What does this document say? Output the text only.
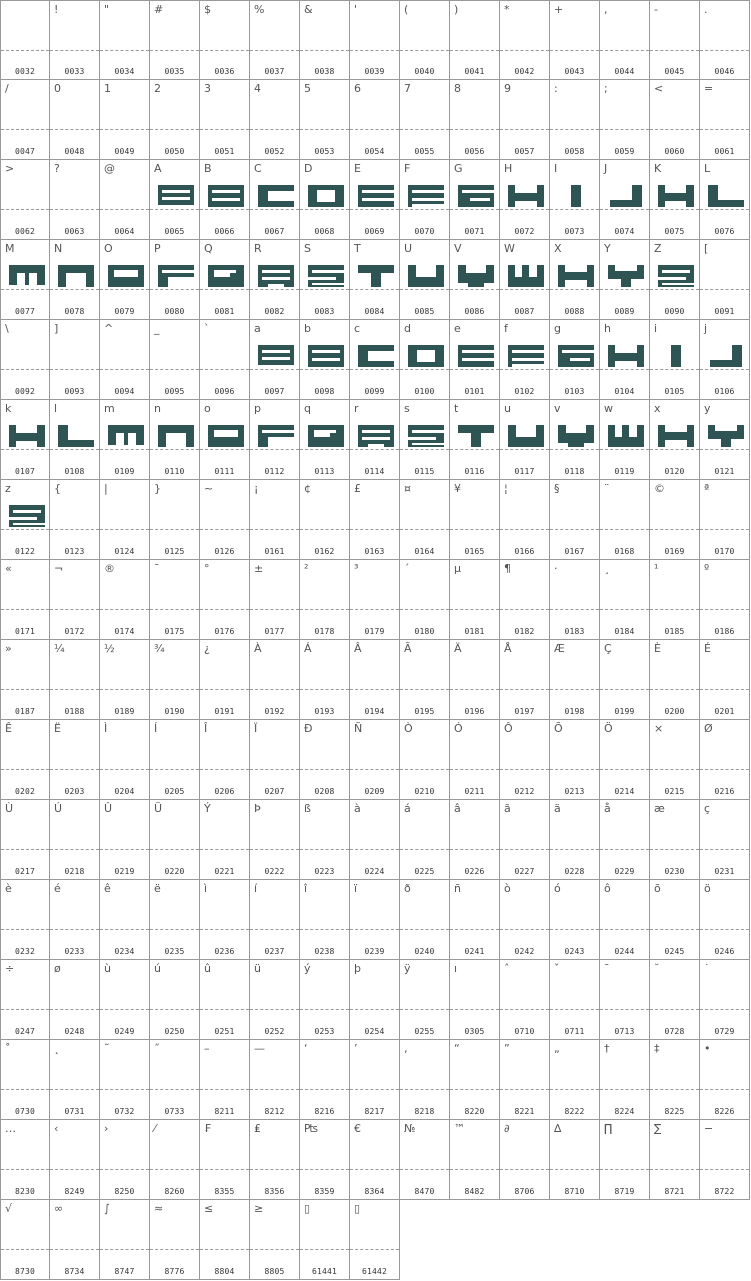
0032
!
0033
"
0034
#
0035
$
0036
%
0037
&
0038
'
0039
(
0040
)
0041
*
0042
+
0043
,
0044
-
0045
.
0046
/
0047
0
0048
1
0049
2
0050
3
0051
4
0052
5
0053
6
0054
7
0055
8
0056
9
0057
:
0058
;
0059
<
0060
=
0061
>
0062
?
0063
@
0064
A
0065
B
0066
C
0067
D
0068
E
0069
F
0070
G
0071
H
0072
I
0073
J
0074
K
0075
L
0076
M
0077
N
0078
O
0079
P
0080
Q
0081
R
0082
S
0083
T
0084
U
0085
V
0086
W
0087
X
0088
Y
0089
Z
0090
[
0091
\
0092
]
0093
^
0094
_
0095
`
0096
a
0097
b
0098
c
0099
d
0100
e
0101
f
0102
g
0103
h
0104
i
0105
j
0106
k
0107
l
0108
m
0109
n
0110
o
0111
p
0112
q
0113
r
0114
s
0115
t
0116
u
0117
v
0118
w
0119
x
0120
y
0121
z
0122
{
0123
|
0124
}
0125
~
0126
¡
0161
¢
0162
£
0163
¤
0164
¥
0165
¦
0166
§
0167
¨
0168
©
0169
ª
0170
«
0171
¬
0172
®
0174
¯
0175
°
0176
±
0177
²
0178
³
0179
´
0180
µ
0181
¶
0182
·
0183
¸
0184
¹
0185
º
0186
»
0187
¼
0188
½
0189
¾
0190
¿
0191
À
0192
Á
0193
Â
0194
Ã
0195
Ä
0196
Å
0197
Æ
0198
Ç
0199
È
0200
É
0201
Ê
0202
Ë
0203
Ì
0204
Í
0205
Î
0206
Ï
0207
Ð
0208
Ñ
0209
Ò
0210
Ó
0211
Ô
0212
Õ
0213
Ö
0214
×
0215
Ø
0216
Ù
0217
Ú
0218
Û
0219
Ü
0220
Ý
0221
Þ
0222
ß
0223
à
0224
á
0225
â
0226
ã
0227
ä
0228
å
0229
æ
0230
ç
0231
è
0232
é
0233
ê
0234
ë
0235
ì
0236
í
0237
î
0238
ï
0239
ð
0240
ñ
0241
ò
0242
ó
0243
ô
0244
õ
0245
ö
0246
÷
0247
ø
0248
ù
0249
ú
0250
û
0251
ü
0252
ý
0253
þ
0254
ÿ
0255
ı
0305
ˆ
0710
ˇ
0711
ˉ
0713
˘
0728
˙
0729
˚
0730
˛
0731
˜
0732
˝
0733
–
8211
—
8212
‘
8216
’
8217
‚
8218
“
8220
”
8221
„
8222
†
8224
‡
8225
•
8226
…
8230
‹
8249
›
8250
⁄
8260
₣
8355
₤
8356
₧
8359
€
8364
№
8470
™
8482
∂
8706
∆
8710
∏
8719
∑
8721
−
8722
√
8730
∞
8734
∫
8747
≈
8776
≤
8804
≥
8805
▯
61441
▯
61442
